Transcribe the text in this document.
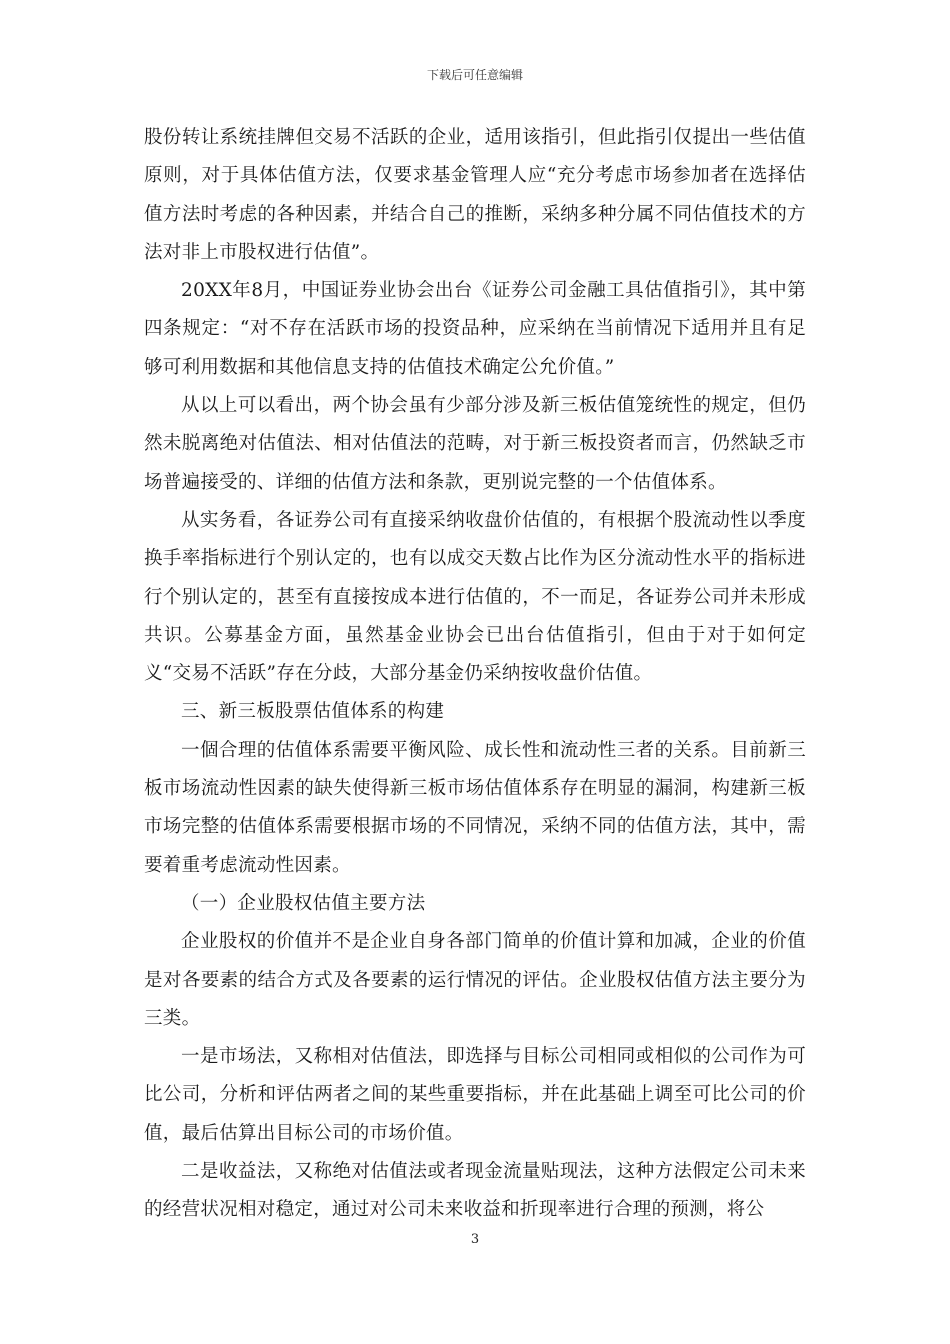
下载后可任意编辑

股份转让系统挂牌但交易不活跃的企业，适用该指引，但此指引仅提出一些估值原则，对于具体估值方法，仅要求基金管理人应“充分考虑市场参加者在选择估值方法时考虑的各种因素，并结合自己的推断，采纳多种分属不同估值技术的方法对非上市股权进行估值”。

20XX年8月，中国证券业协会出台《证券公司金融工具估值指引》，其中第四条规定：“对不存在活跃市场的投资品种，应采纳在当前情况下适用并且有足够可利用数据和其他信息支持的估值技术确定公允价值。”

从以上可以看出，两个协会虽有少部分涉及新三板估值笼统性的规定，但仍然未脱离绝对估值法、相对估值法的范畴，对于新三板投资者而言，仍然缺乏市场普遍接受的、详细的估值方法和条款，更别说完整的一个估值体系。

从实务看，各证券公司有直接采纳收盘价估值的，有根据个股流动性以季度换手率指标进行个别认定的，也有以成交天数占比作为区分流动性水平的指标进行个别认定的，甚至有直接按成本进行估值的，不一而足，各证券公司并未形成共识。公募基金方面，虽然基金业协会已出台估值指引，但由于对于如何定义“交易不活跃”存在分歧，大部分基金仍采纳按收盘价估值。

三、新三板股票估值体系的构建

一個合理的估值体系需要平衡风险、成长性和流动性三者的关系。目前新三板市场流动性因素的缺失使得新三板市场估值体系存在明显的漏洞，构建新三板市场完整的估值体系需要根据市场的不同情况，采纳不同的估值方法，其中，需要着重考虑流动性因素。

（一）企业股权估值主要方法

企业股权的价值并不是企业自身各部门简单的价值计算和加减，企业的价值是对各要素的结合方式及各要素的运行情况的评估。企业股权估值方法主要分为三类。

一是市场法，又称相对估值法，即选择与目标公司相同或相似的公司作为可比公司，分析和评估两者之间的某些重要指标，并在此基础上调至可比公司的价值，最后估算出目标公司的市场价值。

二是收益法，又称绝对估值法或者现金流量贴现法，这种方法假定公司未来的经营状况相对稳定，通过对公司未来收益和折现率进行合理的预测，将公

3
